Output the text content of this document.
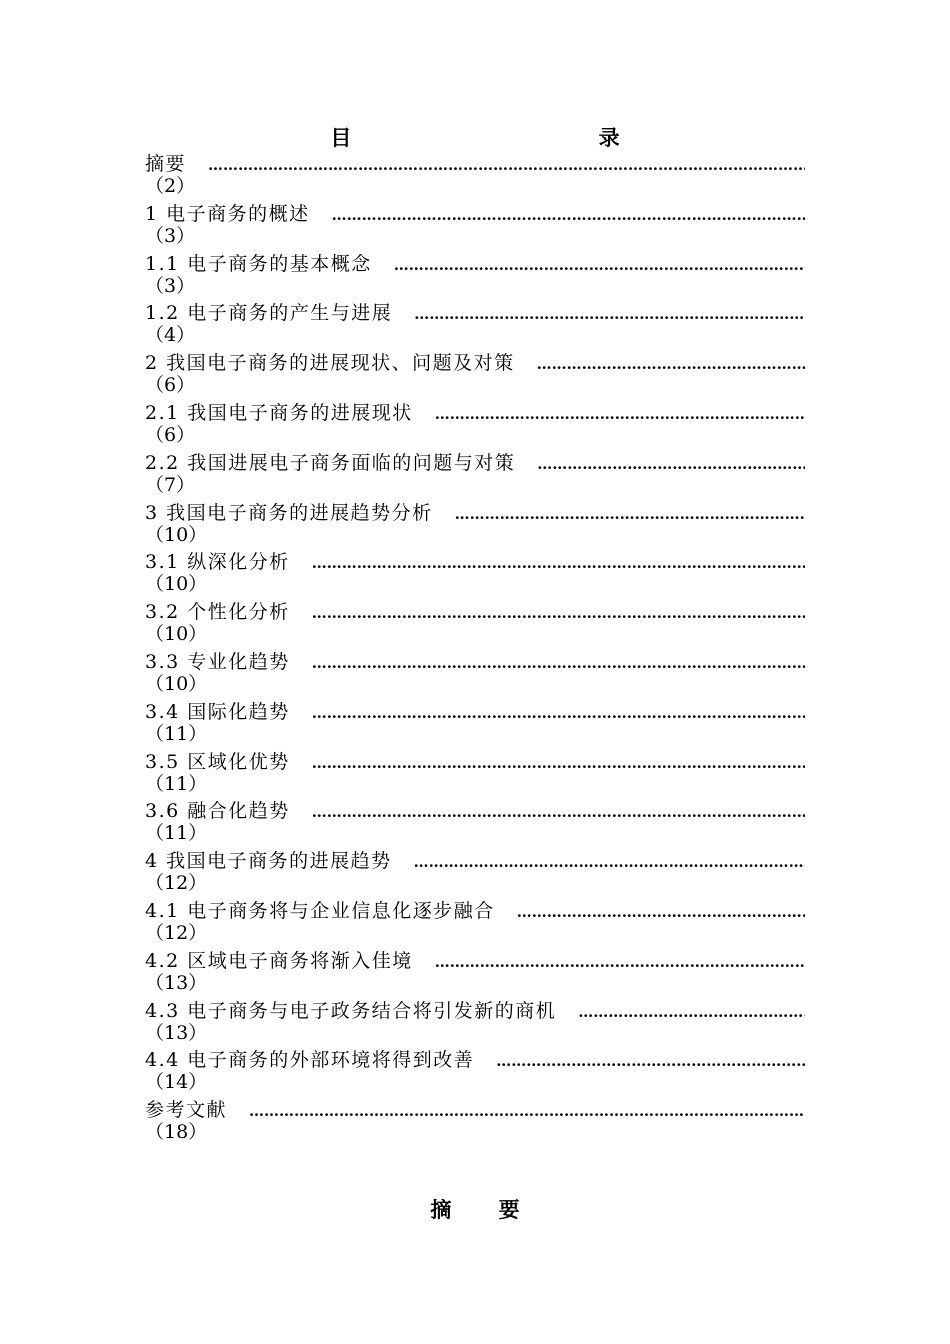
目 录
摘要
…………………………………………………………………………………………………………………………
（2）
1 电子商务的概述
…………………………………………………………………………………………………………………………
（3）
1.1 电子商务的基本概念
…………………………………………………………………………………………………………………………
（3）
1.2 电子商务的产生与进展
…………………………………………………………………………………………………………………………
（4）
2 我国电子商务的进展现状、问题及对策
…………………………………………………………………………………………………………………………
（6）
2.1 我国电子商务的进展现状
…………………………………………………………………………………………………………………………
（6）
2.2 我国进展电子商务面临的问题与对策
…………………………………………………………………………………………………………………………
（7）
3 我国电子商务的进展趋势分析
…………………………………………………………………………………………………………………………
（10）
3.1 纵深化分析
…………………………………………………………………………………………………………………………
（10）
3.2 个性化分析
…………………………………………………………………………………………………………………………
（10）
3.3 专业化趋势
…………………………………………………………………………………………………………………………
（10）
3.4 国际化趋势
…………………………………………………………………………………………………………………………
（11）
3.5 区域化优势
…………………………………………………………………………………………………………………………
（11）
3.6 融合化趋势
…………………………………………………………………………………………………………………………
（11）
4 我国电子商务的进展趋势
…………………………………………………………………………………………………………………………
（12）
4.1 电子商务将与企业信息化逐步融合
…………………………………………………………………………………………………………………………
（12）
4.2 区域电子商务将渐入佳境
…………………………………………………………………………………………………………………………
（13）
4.3 电子商务与电子政务结合将引发新的商机
…………………………………………………………………………………………………………………………
（13）
4.4 电子商务的外部环境将得到改善
…………………………………………………………………………………………………………………………
（14）
参考文献
…………………………………………………………………………………………………………………………
（18）
摘 要
